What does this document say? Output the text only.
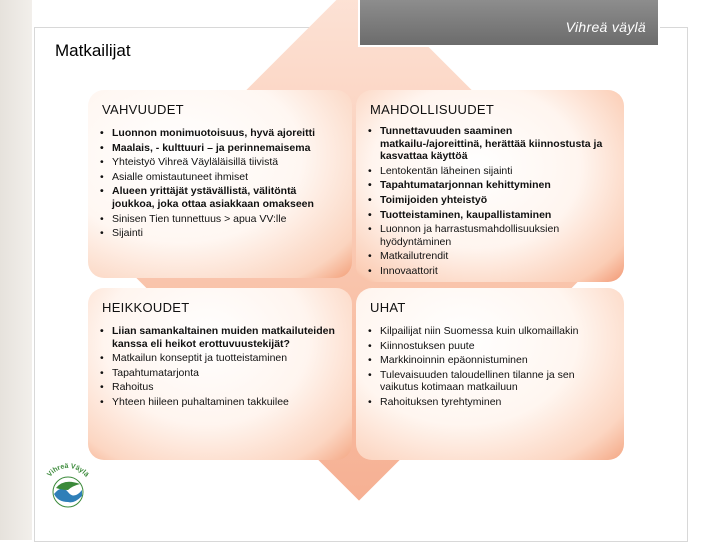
Vihreä väylä
Matkailijat
VAHVUUDET
• Luonnon monimuotoisuus, hyvä ajoreitti
• Maalais, - kulttuuri – ja perinnemaisema
• Yhteistyö Vihreä Väyläläisillä tiivistä
• Asialle omistautuneet ihmiset
• Alueen yrittäjät ystävällistä, välitöntä joukkoa, joka ottaa asiakkaan omakseen
• Sinisen Tien tunnettuus > apua VV:lle
• Sijainti
MAHDOLLISUUDET
• Tunnettavuuden saaminen matkailu-/ajoreittinä, herättää kiinnostusta ja kasvattaa käyttöä
• Lentokentän läheinen sijainti
• Tapahtumatarjonnan kehittyminen
• Toimijoiden yhteistyö
• Tuotteistaminen, kaupallistaminen
• Luonnon ja harrastusmahdollisuuksien hyödyntäminen
• Matkailutrendit
• Innovaattorit
HEIKKOUDET
• Liian samankaltainen muiden matkailuteiden kanssa eli heikot erottuvuustekijät?
• Matkailun konseptit ja tuotteistaminen
• Tapahtumatarjonta
• Rahoitus
• Yhteen hiileen puhaltaminen takkuilee
UHAT
• Kilpailijat niin Suomessa kuin ulkomaillakin
• Kiinnostuksen puute
• Markkinoinnin epäonnistuminen
• Tulevaisuuden taloudellinen tilanne ja sen vaikutus kotimaan matkailuun
• Rahoituksen tyrehtyminen
Vihreä Väylä
